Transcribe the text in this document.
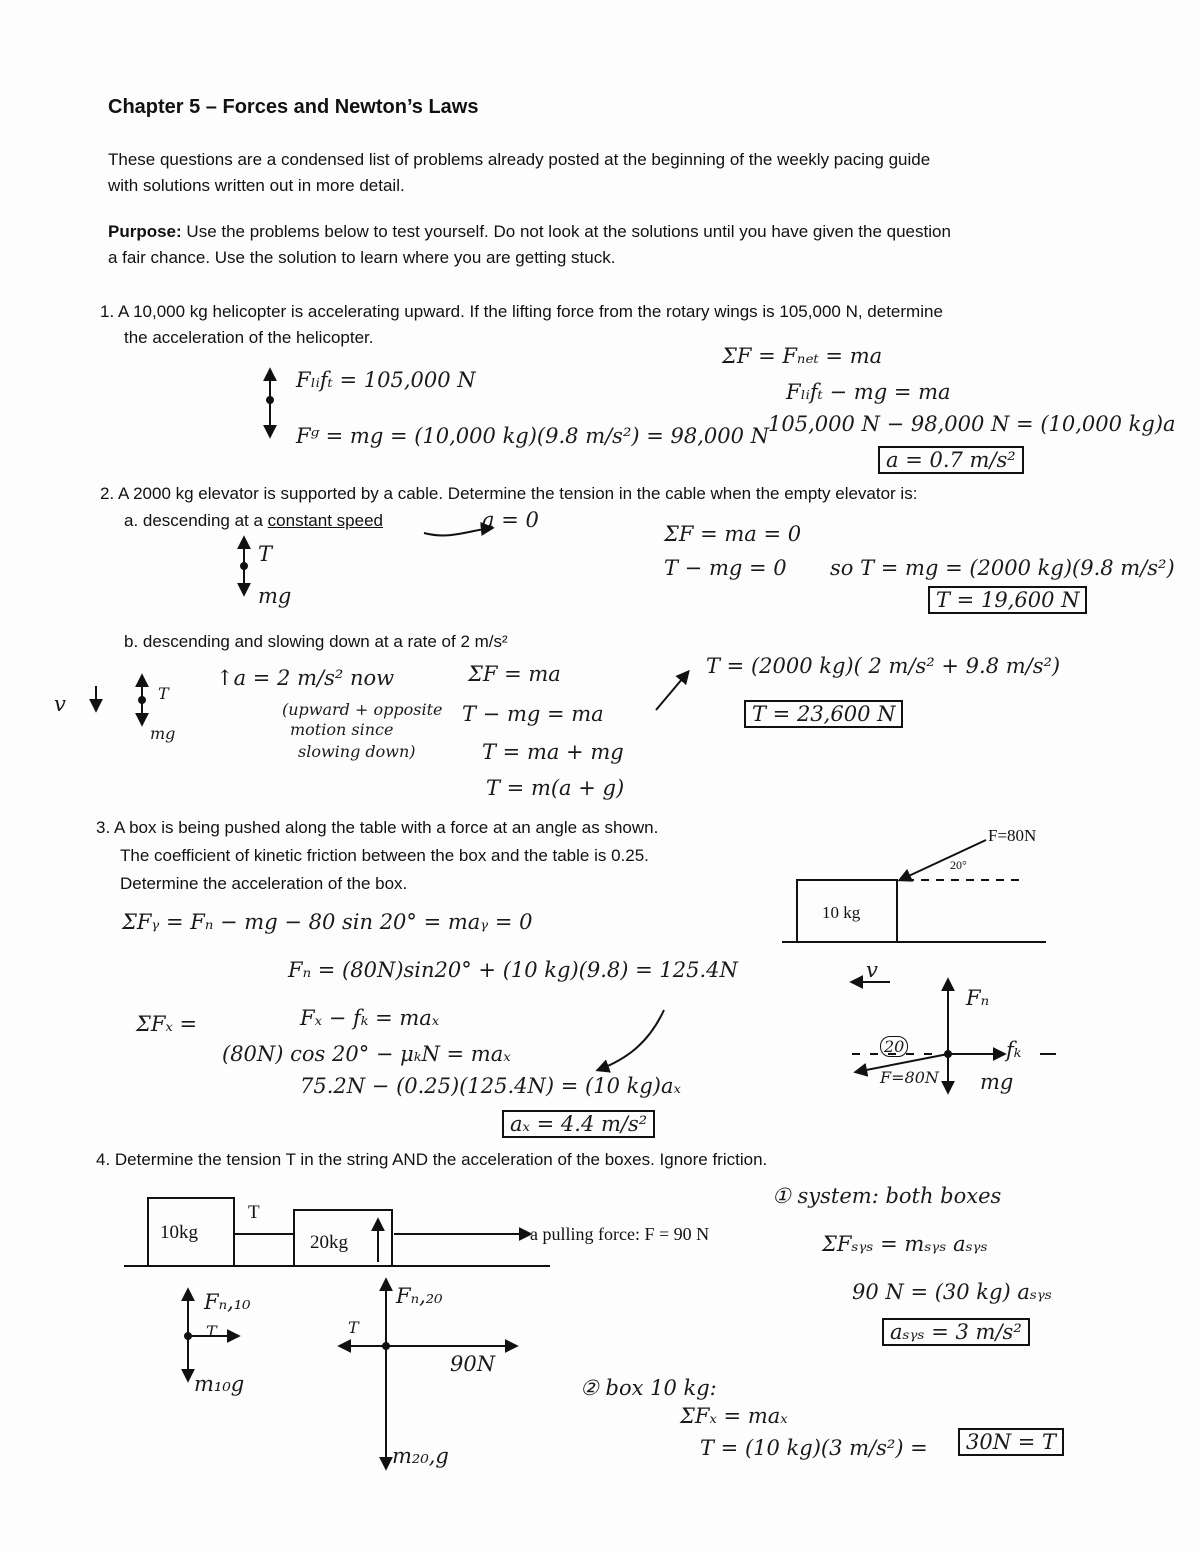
Chapter 5 – Forces and Newton’s Laws
These questions are a condensed list of problems already posted at the beginning of the weekly pacing guide
with solutions written out in more detail.
Purpose: Use the problems below to test yourself. Do not look at the solutions until you have given the question
a fair chance. Use the solution to learn where you are getting stuck.
1. A 10,000 kg helicopter is accelerating upward. If the lifting force from the rotary wings is 105,000 N, determine
the acceleration of the helicopter.
Fₗᵢfₜ = 105,000 N
Fᵍ = mg = (10,000 kg)(9.8 m/s²) = 98,000 N
ΣF = Fₙₑₜ = ma
Fₗᵢfₜ − mg = ma
105,000 N − 98,000 N = (10,000 kg)a
a = 0.7 m/s²
2. A 2000 kg elevator is supported by a cable. Determine the tension in the cable when the empty elevator is:
a. descending at a constant speed	a = 0
T
mg
ΣF = ma = 0
T − mg = 0 so T = mg = (2000 kg)(9.8 m/s²)
T = 19,600 N
b. descending and slowing down at a rate of 2 m/s²
v	T
mg
↑a = 2 m/s² now
(upward + opposite
motion since
slowing down)
ΣF = ma
T − mg = ma
T = ma + mg
T = m(a + g)
T = (2000 kg)( 2 m/s² + 9.8 m/s²)
T = 23,600 N
3. A box is being pushed along the table with a force at an angle as shown.
The coefficient of kinetic friction between the box and the table is 0.25.
Determine the acceleration of the box.
ΣFᵧ = Fₙ − mg − 80 sin 20° = maᵧ = 0
Fₙ = (80N)sin20° + (10 kg)(9.8) = 125.4N
ΣFₓ =	Fₓ − fₖ = maₓ
(80N) cos 20° − μₖN = maₓ
75.2N − (0.25)(125.4N) = (10 kg)aₓ
aₓ = 4.4 m/s²
F=80N
20°
10 kg
v
Fₙ
fₖ
mg
20
F=80N
4. Determine the tension T in the string AND the acceleration of the boxes. Ignore friction.
10kg	20kg
T
a pulling force: F = 90 N
Fₙ,₁₀
T
m₁₀g
Fₙ,₂₀
T
90N
m₂₀,g
① system: both boxes
ΣFₛᵧₛ = mₛᵧₛ aₛᵧₛ
90 N = (30 kg) aₛᵧₛ
aₛᵧₛ = 3 m/s²
② box 10 kg:
ΣFₓ = maₓ
T = (10 kg)(3 m/s²) =	30N = T
